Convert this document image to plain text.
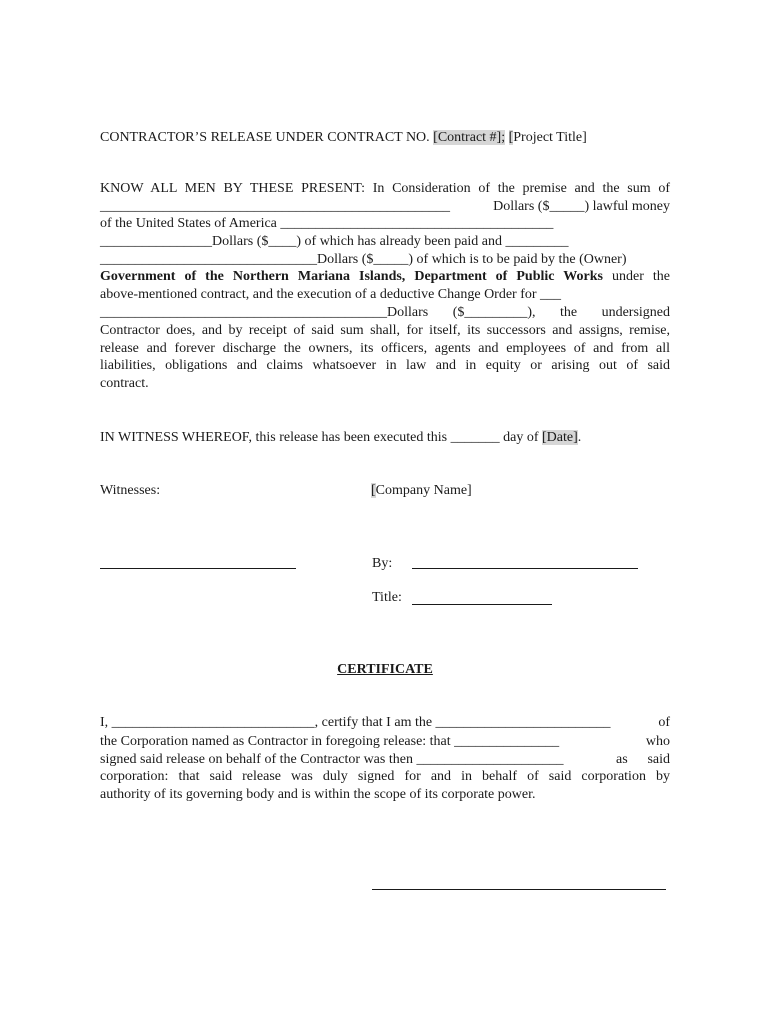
CONTRACTOR’S RELEASE UNDER CONTRACT NO. [Contract #]; [Project Title]
KNOW ALL MEN BY THESE PRESENT: In Consideration of the premise and the sum of
__________________________________________________	Dollars ($_____) lawful money
of the United States of America _______________________________________
________________Dollars ($____) of which has already been paid and _________
_______________________________Dollars ($_____) of which is to be paid by the (Owner)
Government of the Northern Mariana Islands, Department of Public Works under the
above-mentioned contract, and the execution of a deductive Change Order for ___
_________________________________________Dollars ($_________), the undersigned
Contractor does, and by receipt of said sum shall, for itself, its successors and assigns, remise,
release and forever discharge the owners, its officers, agents and employees of and from all
liabilities, obligations and claims whatsoever in law and in equity or arising out of said
contract.
IN WITNESS WHEREOF, this release has been executed this _______ day of [Date].
Witnesses:	[Company Name]
By:
Title:
CERTIFICATE
I, _____________________________, certify that I am the _________________________	of
the Corporation named as Contractor in foregoing release: that _______________	who
signed said release on behalf of the Contractor was then _____________________	as said
corporation: that said release was duly signed for and in behalf of said corporation by
authority of its governing body and is within the scope of its corporate power.
